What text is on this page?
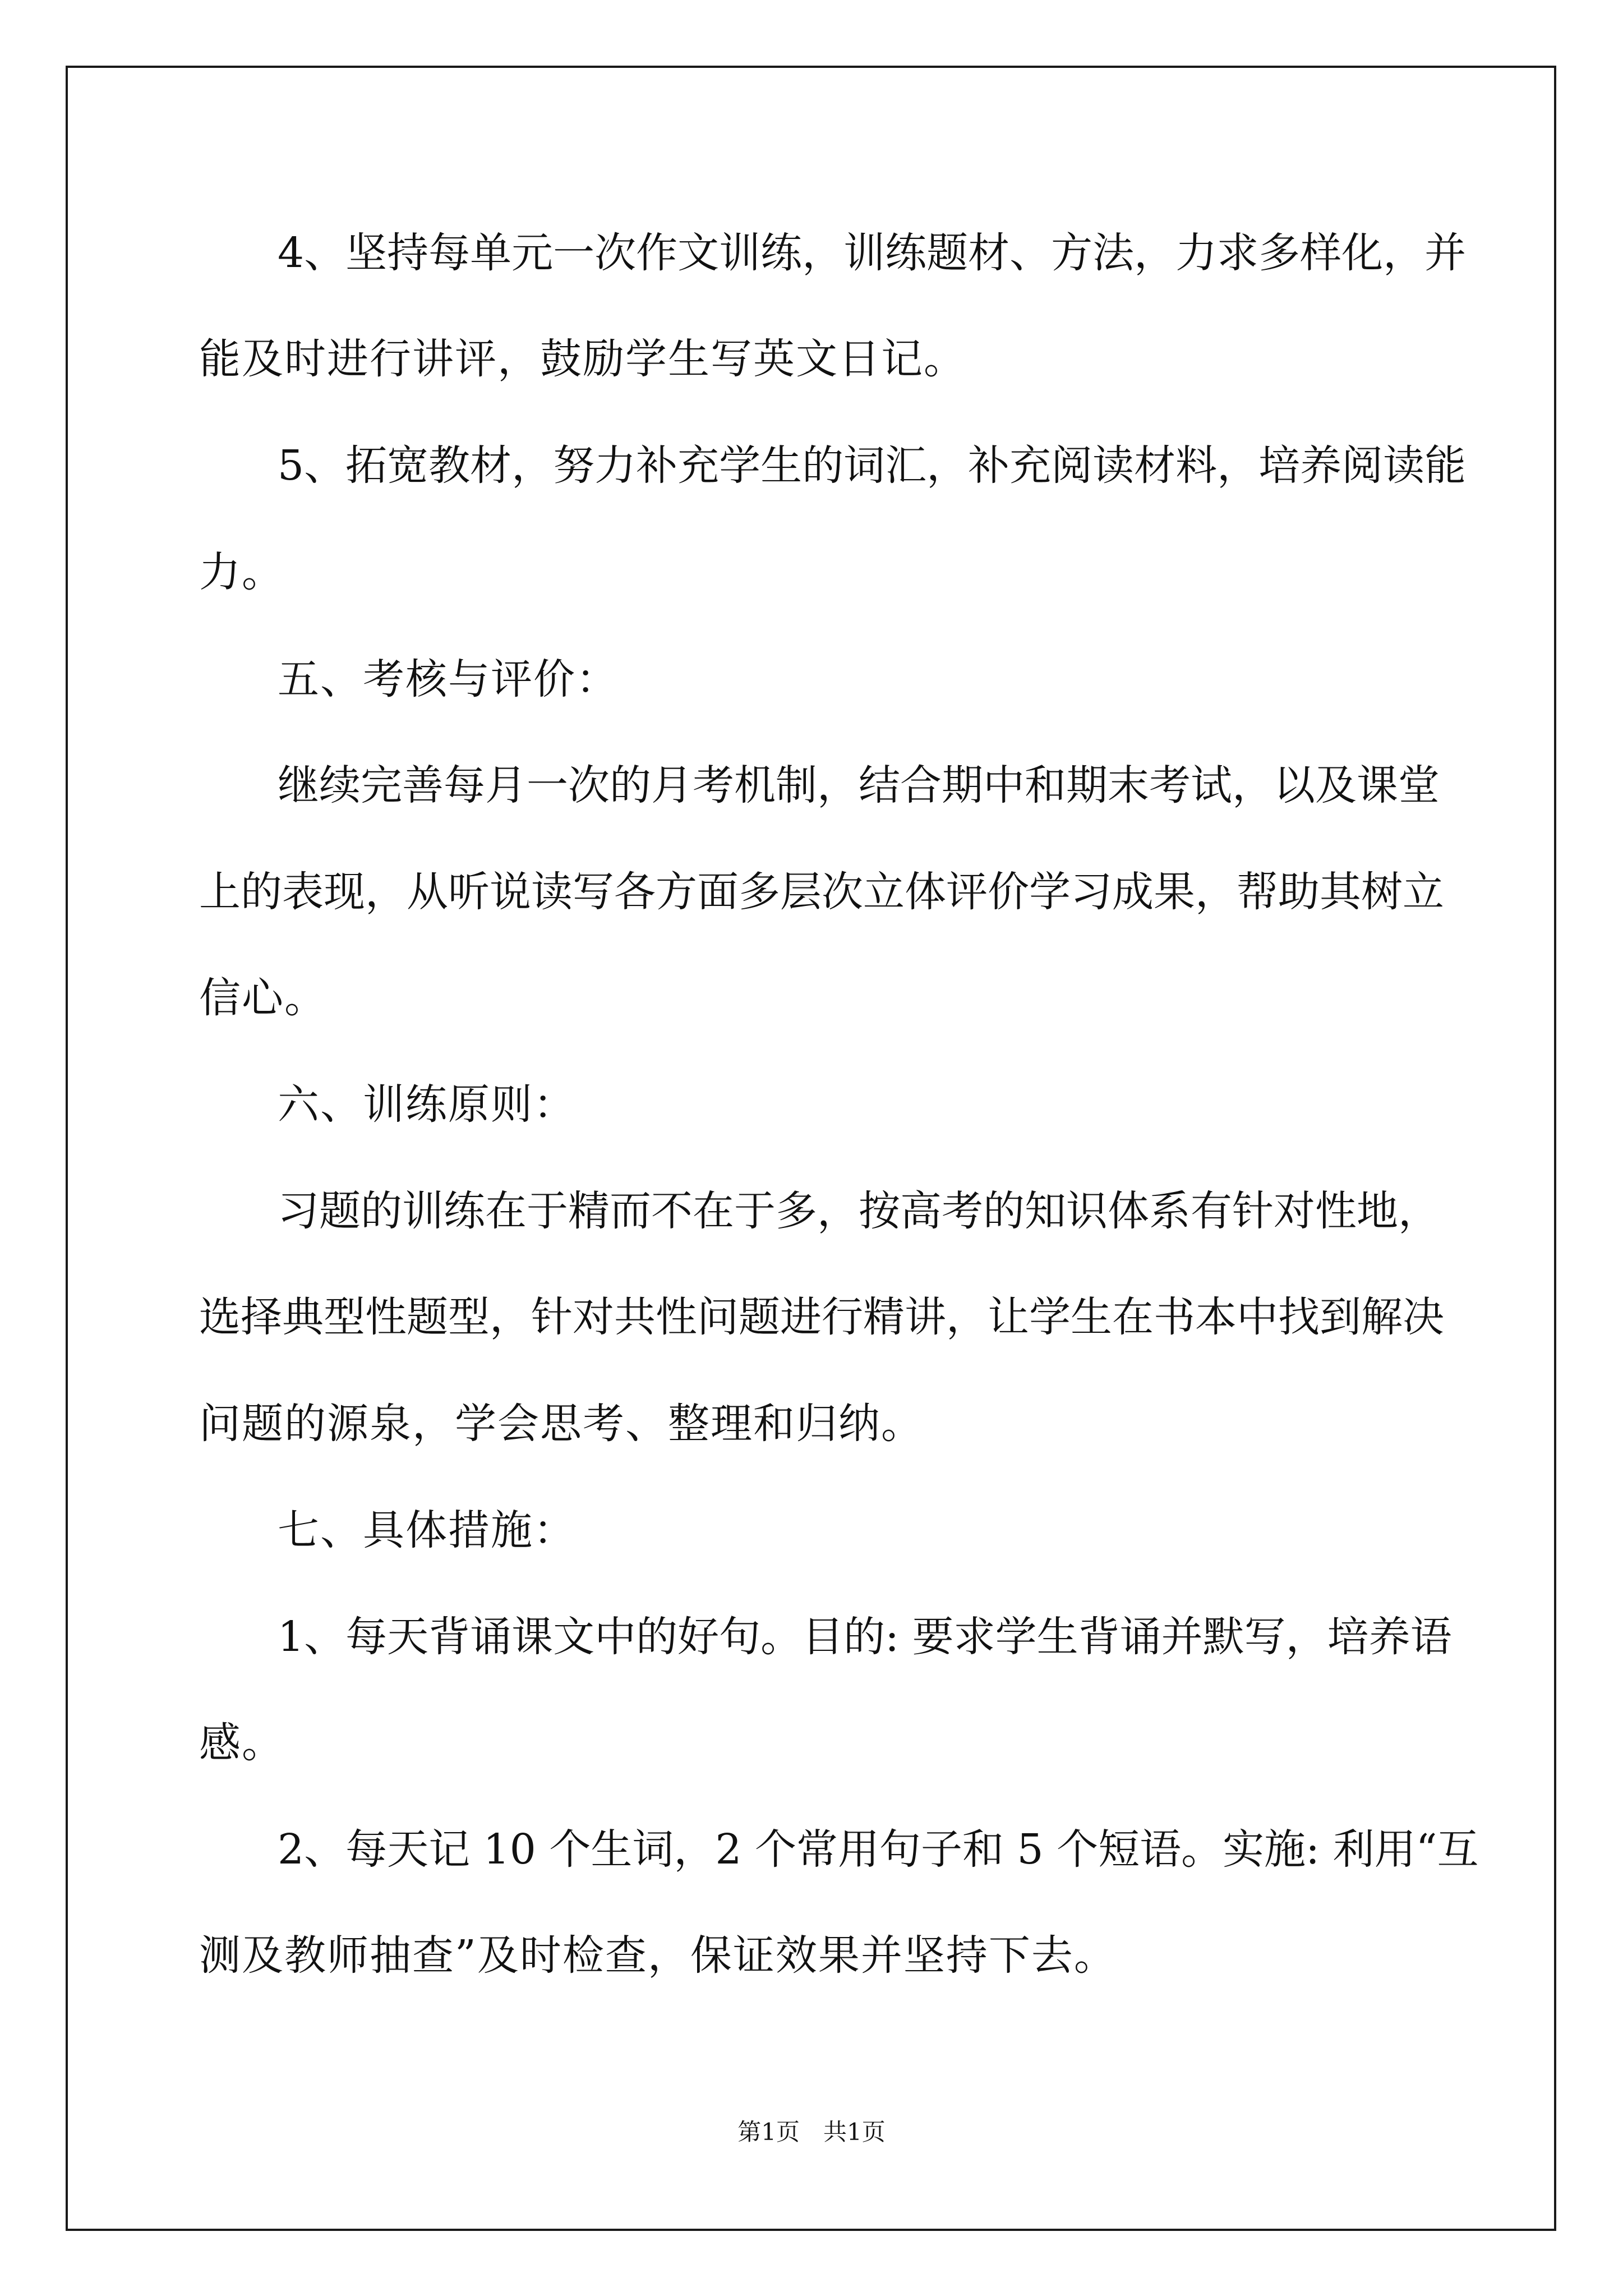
4 、 坚 持 每 单 元 一 次 作 文 训 练 ， 训 练 题 材 、 方 法 ， 力 求 多 样 化 ， 并

能及时进行讲评，鼓励学生写英文日记。

5 、 拓 宽 教 材 ， 努 力 补 充 学 生 的 词 汇 ， 补 充 阅 读 材 料 ， 培 养 阅 读 能

力。

五、考核与评价：

继 续 完 善 每 月 一 次 的 月 考 机 制 ， 结 合 期 中 和 期 末 考 试 ， 以 及 课 堂

上 的 表 现 ， 从 听 说 读 写 各 方 面 多 层 次 立 体 评 价 学 习 成 果 ， 帮 助 其 树 立

信心。

六、训练原则：

习 题 的 训 练 在 于 精 而 不 在 于 多 ， 按 高 考 的 知 识 体 系 有 针 对 性 地 ，

选 择 典 型 性 题 型 ， 针 对 共 性 问 题 进 行 精 讲 ， 让 学 生 在 书 本 中 找 到 解 决

问题的源泉，学会思考、整理和归纳。

七、具体措施：

1 、 每 天 背 诵 课 文 中 的 好 句 。 目 的 :
要 求 学 生 背 诵 并 默 写 ， 培 养 语

感。

2 、 每 天 记
1 0
个 生 词 ， 2
个 常 用 句 子 和
5
个 短 语 。 实 施 :
利 用 “ 互

测及教师抽查”及时检查，保证效果并坚持下去。

第1页　共1页
